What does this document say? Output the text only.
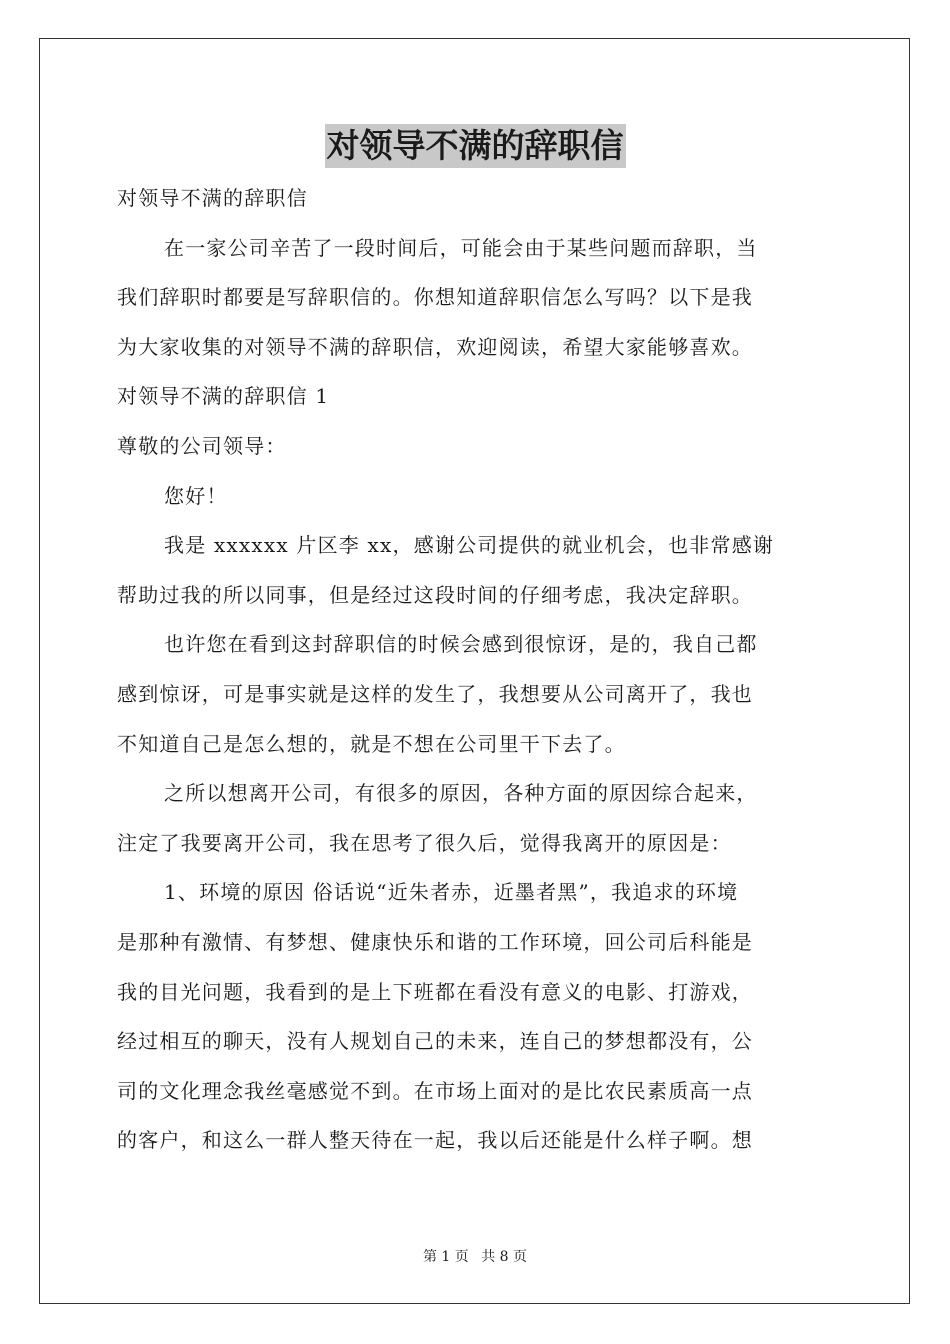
对领导不满的辞职信
对领导不满的辞职信
在一家公司辛苦了一段时间后，可能会由于某些问题而辞职，当
我们辞职时都要是写辞职信的。你想知道辞职信怎么写吗？以下是我
为大家收集的对领导不满的辞职信，欢迎阅读，希望大家能够喜欢。
对领导不满的辞职信 1
尊敬的公司领导：
您好！
我是 xxxxxx 片区李 xx，感谢公司提供的就业机会，也非常感谢
帮助过我的所以同事，但是经过这段时间的仔细考虑，我决定辞职。
也许您在看到这封辞职信的时候会感到很惊讶，是的，我自己都
感到惊讶，可是事实就是这样的发生了，我想要从公司离开了，我也
不知道自己是怎么想的，就是不想在公司里干下去了。
之所以想离开公司，有很多的原因，各种方面的原因综合起来，
注定了我要离开公司，我在思考了很久后，觉得我离开的原因是：
1、环境的原因 俗话说“近朱者赤，近墨者黑”，我追求的环境
是那种有激情、有梦想、健康快乐和谐的工作环境，回公司后科能是
我的目光问题，我看到的是上下班都在看没有意义的电影、打游戏，
经过相互的聊天，没有人规划自己的未来，连自己的梦想都没有，公
司的文化理念我丝毫感觉不到。在市场上面对的是比农民素质高一点
的客户，和这么一群人整天待在一起，我以后还能是什么样子啊。想
第 1 页 共 8 页
